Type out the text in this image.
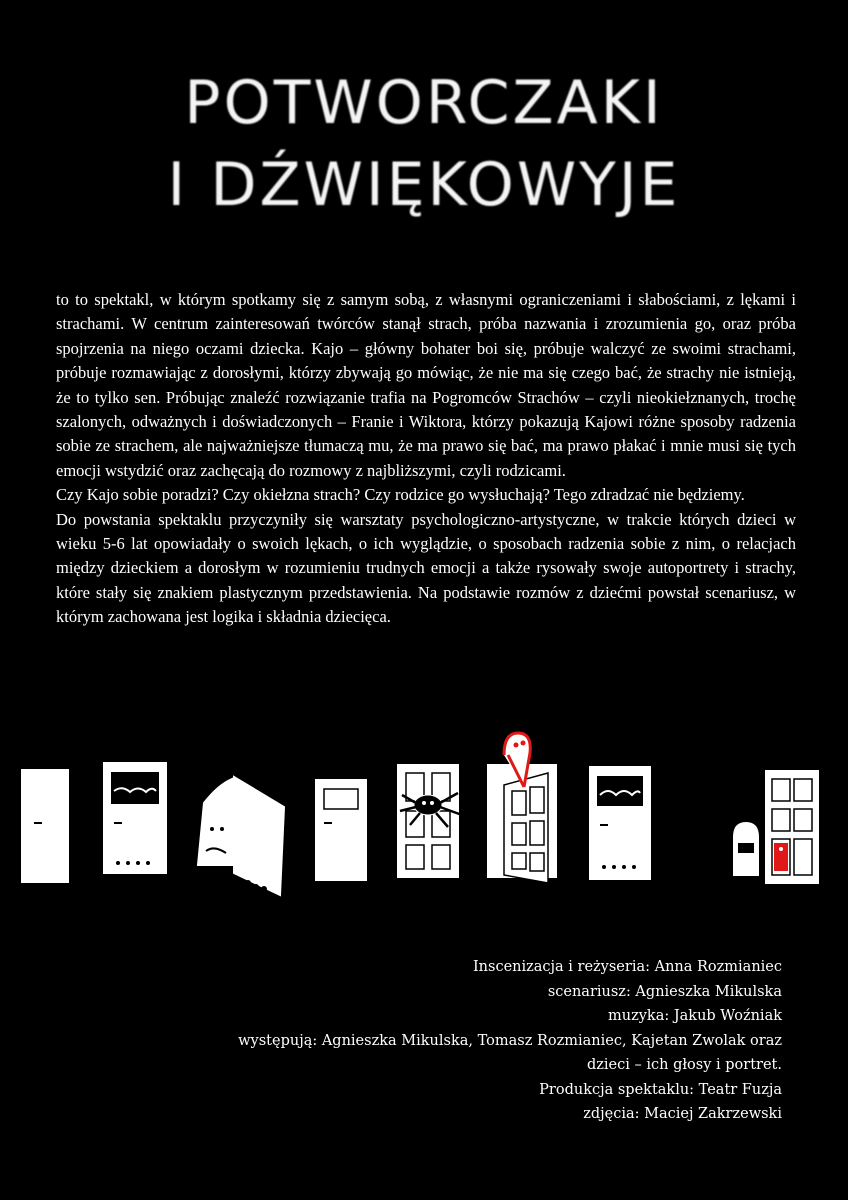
POTWORCZAKI
I DŹWIĘKOWYJE

to to spektakl, w którym spotkamy się z samym sobą, z własnymi ograniczeniami i słabościami, z lękami i strachami. W centrum zainteresowań twórców stanął strach, próba nazwania i zrozumienia go, oraz próba spojrzenia na niego oczami dziecka. Kajo – główny bohater boi się, próbuje walczyć ze swoimi strachami, próbuje rozmawiając z dorosłymi, którzy zbywają go mówiąc, że nie ma się czego bać, że strachy nie istnieją, że to tylko sen. Próbując znaleźć rozwiązanie trafia na Pogromców Strachów – czyli nieokiełznanych, trochę szalonych, odważnych i doświadczonych – Franie i Wiktora, którzy pokazują Kajowi różne sposoby radzenia sobie ze strachem, ale najważniejsze tłumaczą mu, że ma prawo się bać, ma prawo płakać i mnie musi się tych emocji wstydzić oraz zachęcają do rozmowy z najbliższymi, czyli rodzicami.

Czy Kajo sobie poradzi? Czy okiełzna strach? Czy rodzice go wysłuchają? Tego zdradzać nie będziemy.

Do powstania spektaklu przyczyniły się warsztaty psychologiczno-artystyczne, w trakcie których dzieci w wieku 5-6 lat opowiadały o swoich lękach, o ich wyglądzie, o sposobach radzenia sobie z nim, o relacjach między dzieckiem a dorosłym w rozumieniu trudnych emocji a także rysowały swoje autoportrety i strachy, które stały się znakiem plastycznym przedstawienia. Na podstawie rozmów z dziećmi powstał scenariusz, w którym zachowana jest logika i składnia dziecięca.

Inscenizacja i reżyseria: Anna Rozmianiec
scenariusz: Agnieszka Mikulska
muzyka: Jakub Woźniak
występują: Agnieszka Mikulska, Tomasz Rozmianiec, Kajetan Zwolak oraz
dzieci – ich głosy i portret.
Produkcja spektaklu: Teatr Fuzja
zdjęcia: Maciej Zakrzewski
